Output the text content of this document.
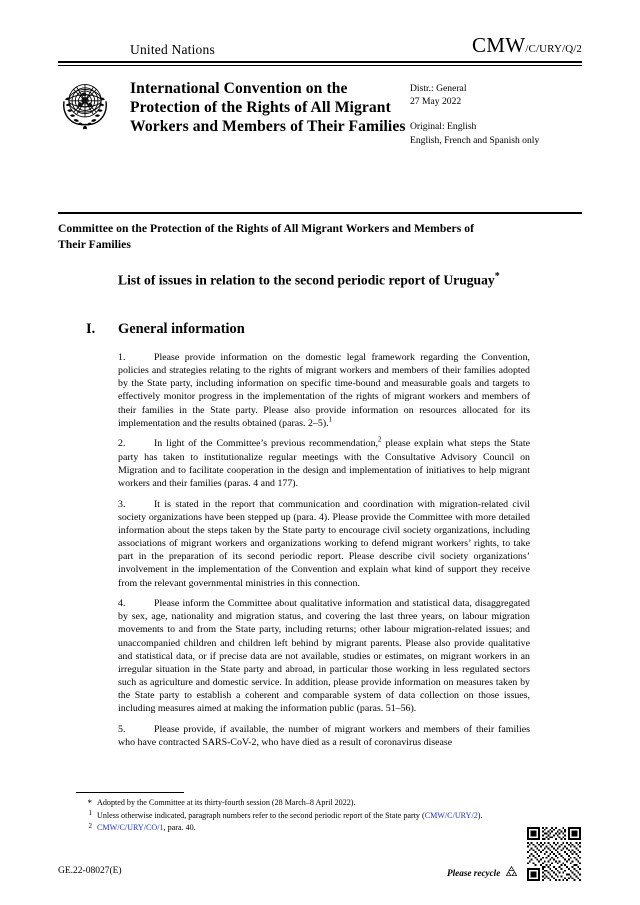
United Nations	CMW/C/URY/Q/2
International Convention on the Protection of the Rights of All Migrant Workers and Members of Their Families
Distr.: General
27 May 2022
Original: English
English, French and Spanish only
Committee on the Protection of the Rights of All Migrant Workers and Members of Their Families
List of issues in relation to the second periodic report of Uruguay*
I.	General information

1.	Please provide information on the domestic legal framework regarding the Convention, policies and strategies relating to the rights of migrant workers and members of their families adopted by the State party, including information on specific time-bound and measurable goals and targets to effectively monitor progress in the implementation of the rights of migrant workers and members of their families in the State party. Please also provide information on resources allocated for its implementation and the results obtained (paras. 2–5).$^1$

2.	In light of the Committee’s previous recommendation,$^2$ please explain what steps the State party has taken to institutionalize regular meetings with the Consultative Advisory Council on Migration and to facilitate cooperation in the design and implementation of initiatives to help migrant workers and their families (paras. 4 and 177).

3.	It is stated in the report that communication and coordination with migration-related civil society organizations have been stepped up (para. 4). Please provide the Committee with more detailed information about the steps taken by the State party to encourage civil society organizations, including associations of migrant workers and organizations working to defend migrant workers’ rights, to take part in the preparation of its second periodic report. Please describe civil society organizations’ involvement in the implementation of the Convention and explain what kind of support they receive from the relevant governmental ministries in this connection.

4.	Please inform the Committee about qualitative information and statistical data, disaggregated by sex, age, nationality and migration status, and covering the last three years, on labour migration movements to and from the State party, including returns; other labour migration-related issues; and unaccompanied children and children left behind by migrant parents. Please also provide qualitative and statistical data, or if precise data are not available, studies or estimates, on migrant workers in an irregular situation in the State party and abroad, in particular those working in less regulated sectors such as agriculture and domestic service. In addition, please provide information on measures taken by the State party to establish a coherent and comparable system of data collection on those issues, including measures aimed at making the information public (paras. 51–56).

5.	Please provide, if available, the number of migrant workers and members of their families who have contracted SARS-CoV-2, who have died as a result of coronavirus disease

* Adopted by the Committee at its thirty-fourth session (28 March–8 April 2022).
1 Unless otherwise indicated, paragraph numbers refer to the second periodic report of the State party (CMW/C/URY/2).
2 CMW/C/URY/CO/1, para. 40.
GE.22-08027(E)	Please recycle
